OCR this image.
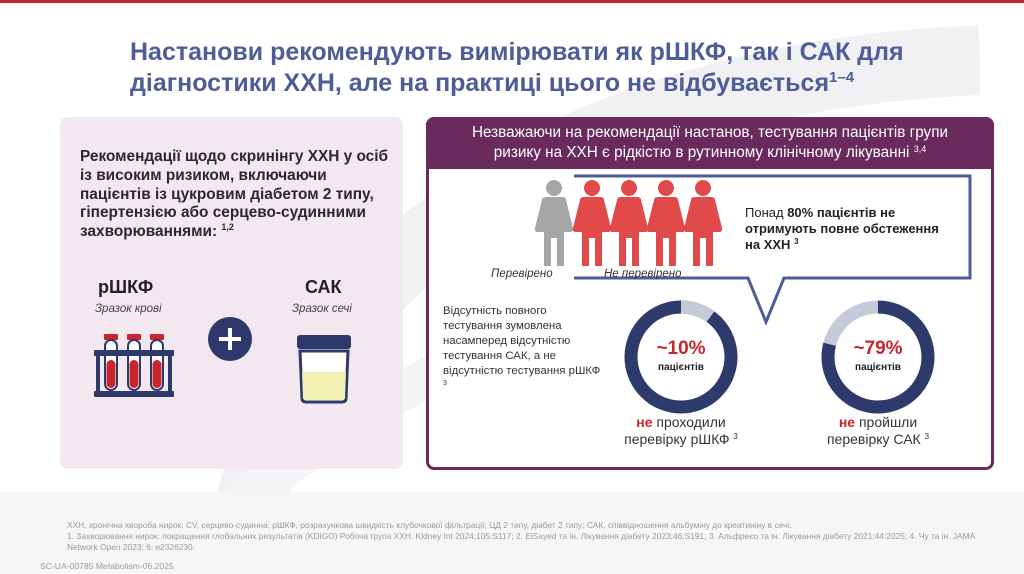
Настанови рекомендують вимірювати як рШКФ, так і САК для
діагностики ХХН, але на практиці цього не відбувається$^{1-4}$
Рекомендації щодо скринінгу ХХН у осіб із високим ризиком, включаючи пацієнтів із цукровим діабетом 2 типу, гіпертензією або серцево-судинними захворюваннями: $^{1,2}$
рШКФ
Зразок крові
САК
Зразок сечі
Незважаючи на рекомендації настанов, тестування пацієнтів групи
ризику на ХХН є рідкістю в рутинному клінічному лікуванні $^{3,4}$
Перевірено	Не перевірено
Понад 80% пацієнтів не отримують повне обстеження на ХХН $^3$
Відсутність повного тестування зумовлена насамперед відсутністю тестування САК, а не відсутністю тестування рШКФ $^3$
~10%
пацієнтів
~79%
пацієнтів
не проходили
перевірку рШКФ $^3$
не пройшли
перевірку САК $^3$
ХХН, хронічна хвороба нирок; CV, серцево-судинна; рШКФ, розрахункова швидкість клубочкової фільтрації; ЦД 2 типу, діабет 2 типу; САК, співвідношення альбуміну до креатиніну в сечі.
1. Захворювання нирок: покращення глобальних результатів (KDIGO) Робоча група ХХН. Kidney Int 2024;105:S117; 2. ElSayed та ін. Лікування діабету 2023;46:S191; 3. Альфреєо та ін. Лікування діабету 2021;44:2025; 4. Чу та ін. JAMA Network Open 2023; 6: e2326230.
SC-UA-00785 Metabolism-06.2025
